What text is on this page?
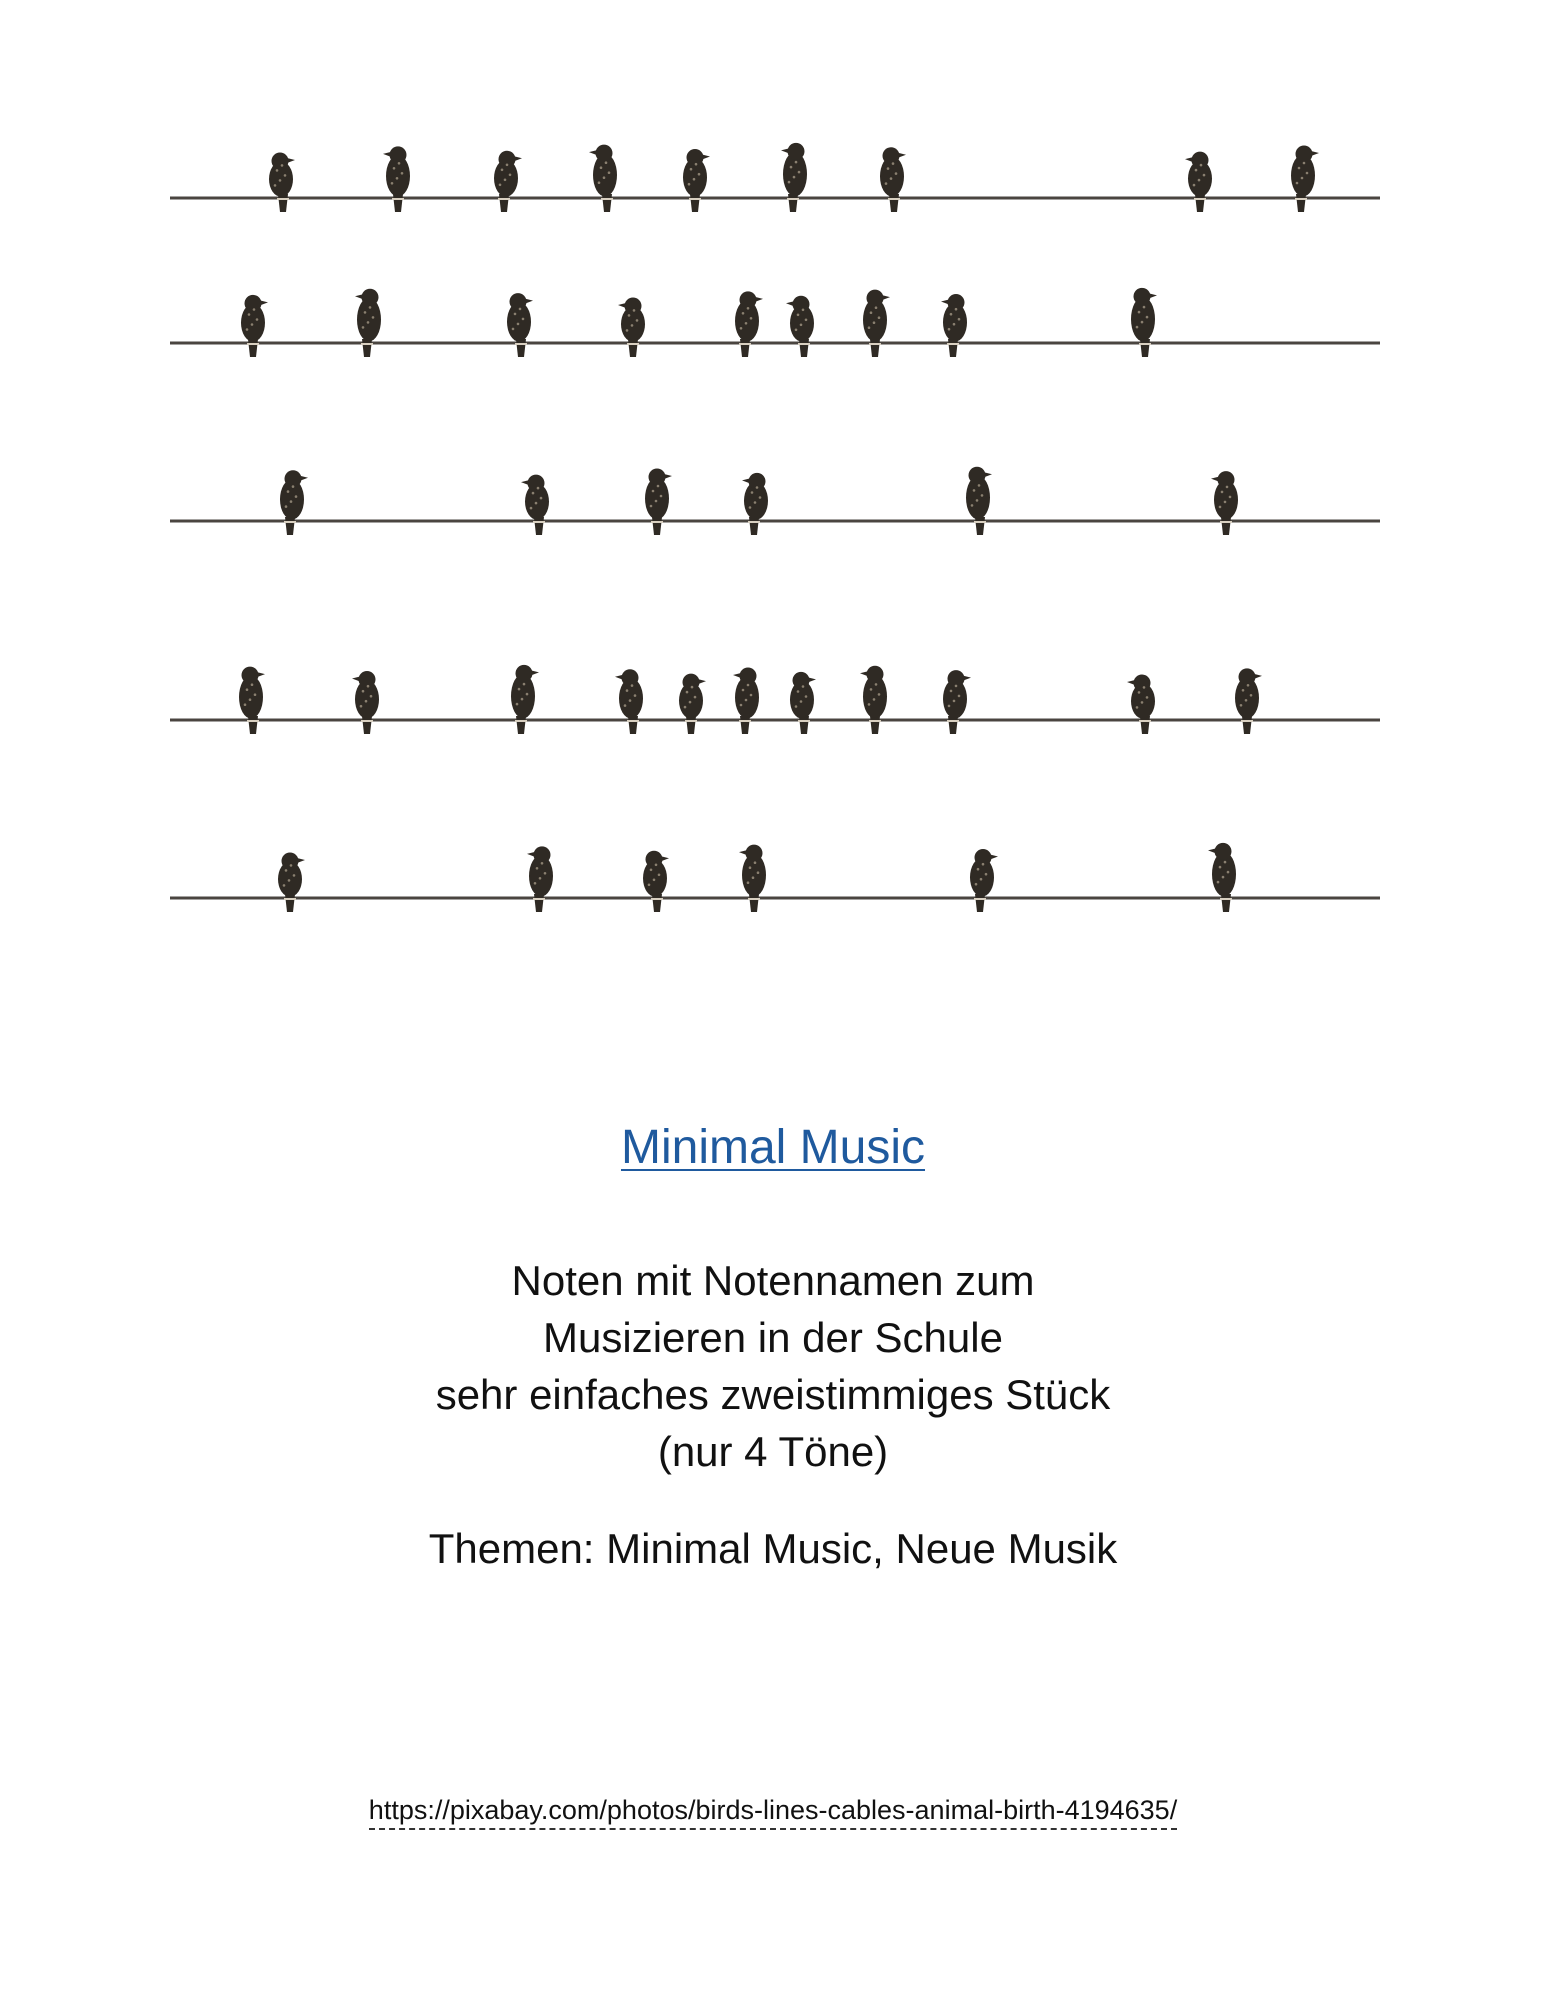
Minimal Music
Noten mit Notennamen zum
Musizieren in der Schule
sehr einfaches zweistimmiges Stück
(nur 4 Töne)
Themen: Minimal Music, Neue Musik
https://pixabay.com/photos/birds-lines-cables-animal-birth-4194635/
